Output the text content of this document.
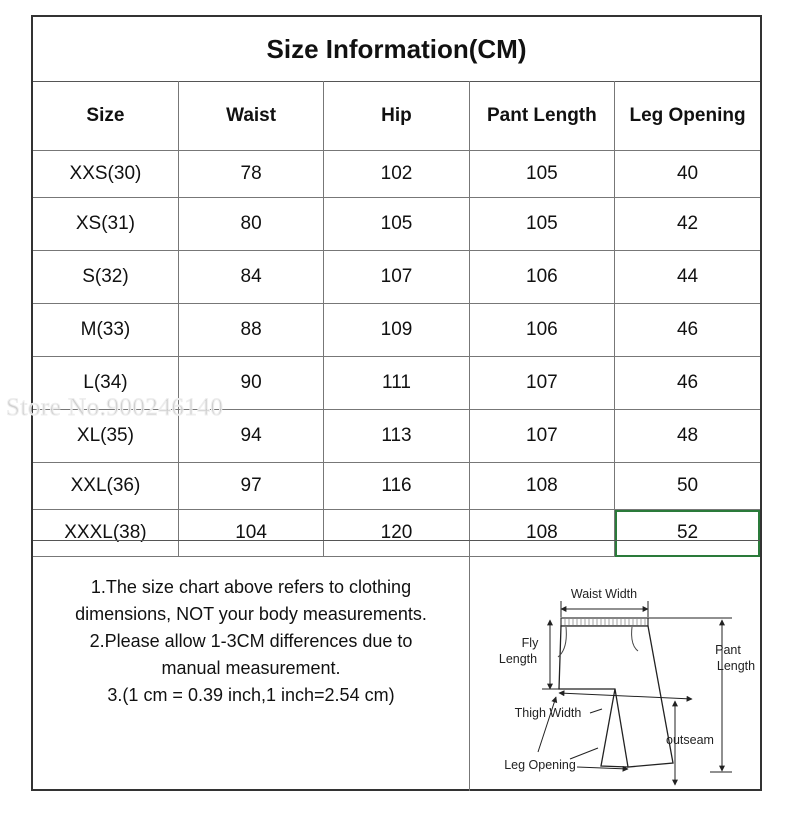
Size Information(CM)
Size	Waist	Hip	Pant Length	Leg Opening
XXS(30)	78	102	105	40
XS(31)	80	105	105	42
S(32)	84	107	106	44
M(33)	88	109	106	46
L(34)	90	111	107	46
XL(35)	94	113	107	48
XXL(36)	97	116	108	50
XXXL(38)	104	120	108	52
1.The size chart above refers to clothing
dimensions, NOT your body measurements.
2.Please allow 1-3CM differences due to
manual measurement.
3.(1 cm = 0.39 inch,1 inch=2.54 cm)
Waist Width
Fly
Length
Pant
Length
Thigh Width
outseam
Leg Opening
Store No.900246140
